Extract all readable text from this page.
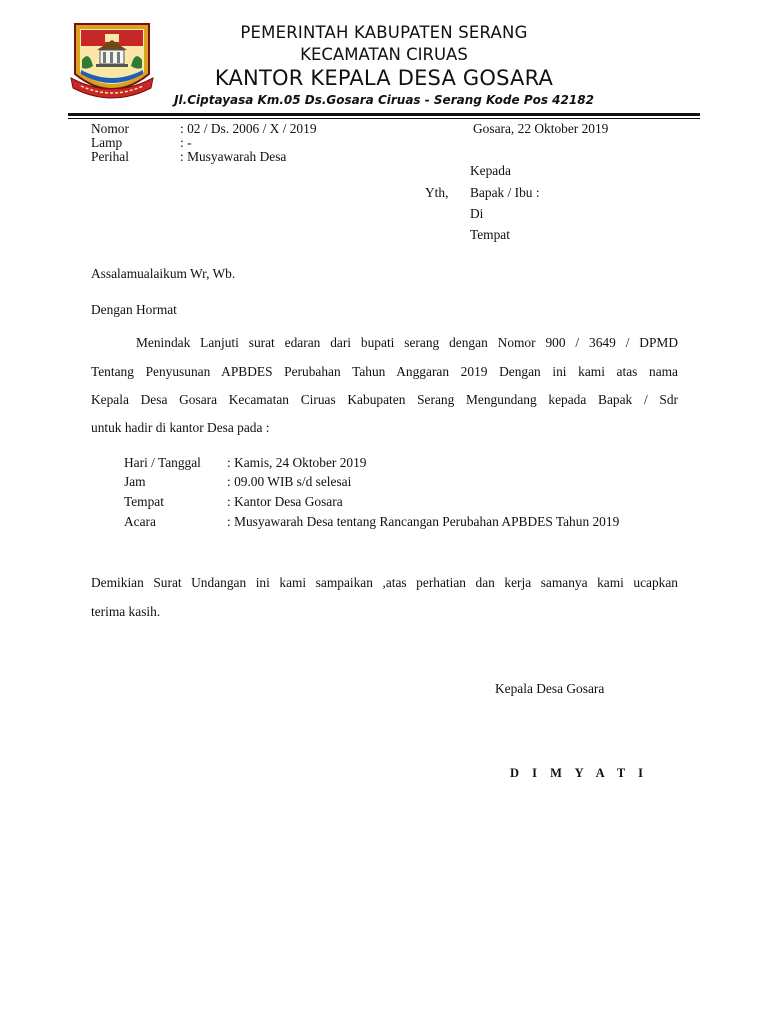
PEMERINTAH KABUPATEN SERANG
KECAMATAN CIRUAS
KANTOR KEPALA DESA GOSARA
Jl.Ciptayasa Km.05 Ds.Gosara Ciruas - Serang Kode Pos 42182
Nomor	: 02 / Ds. 2006 / X / 2019	Gosara, 22 Oktober 2019
Lamp	: -
Perihal	: Musyawarah Desa
Kepada
Yth, Bapak / Ibu :
Di
Tempat
Assalamualaikum Wr, Wb.
Dengan Hormat
Menindak Lanjuti surat edaran dari bupati serang dengan Nomor 900 / 3649 / DPMD
Tentang Penyusunan APBDES Perubahan Tahun Anggaran 2019 Dengan ini kami atas nama
Kepala Desa Gosara Kecamatan Ciruas Kabupaten Serang Mengundang kepada Bapak / Sdr
untuk hadir di kantor Desa pada :
Hari / Tanggal : Kamis, 24 Oktober 2019
Jam	: 09.00 WIB s/d selesai
Tempat	: Kantor Desa Gosara
Acara	: Musyawarah Desa tentang Rancangan Perubahan APBDES Tahun 2019
Demikian Surat Undangan ini kami sampaikan ,atas perhatian dan kerja samanya kami ucapkan
terima kasih.
Kepala Desa Gosara
D I M Y A T I
